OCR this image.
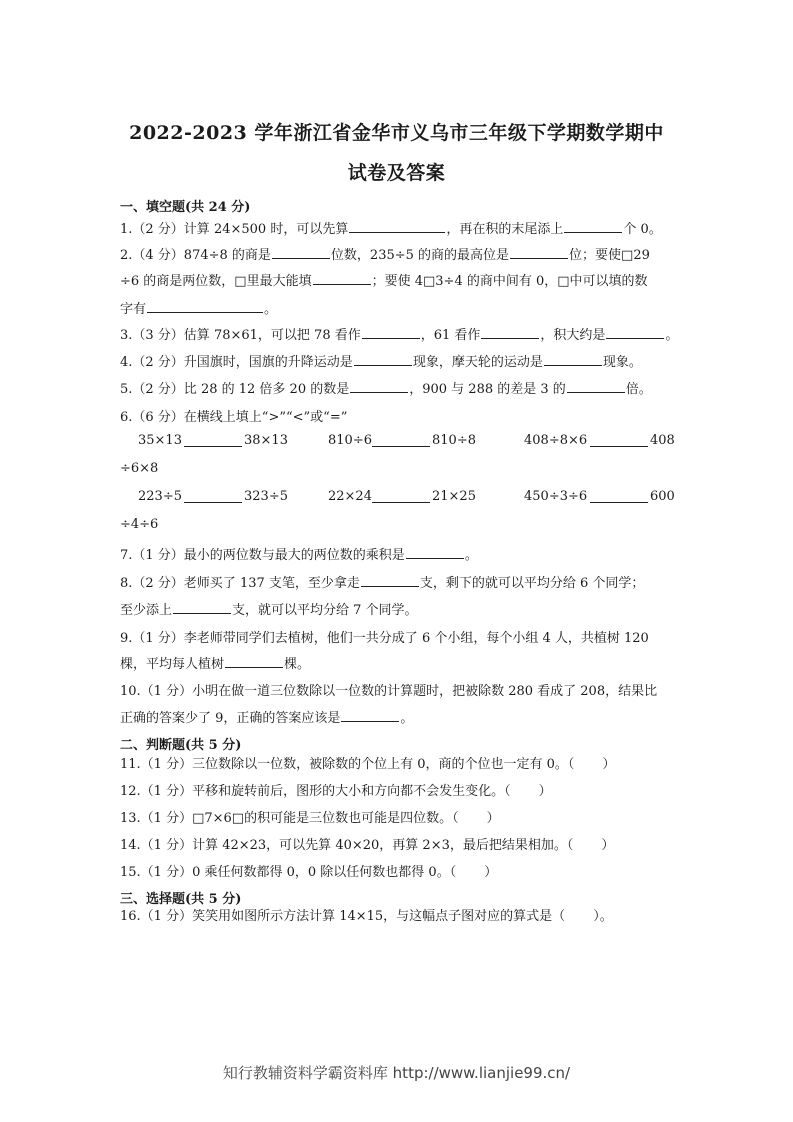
2022-2023 学年浙江省金华市义乌市三年级下学期数学期中
试卷及答案
一、填空题(共 24 分)
1.（2 分）计算 24×500 时，可以先算	，再在积的末尾添上	个 0。
2.（4 分）874÷8 的商是	位数，235÷5 的商的最高位是	位；要使□29
÷6 的商是两位数，□里最大能填	；要使 4□3÷4 的商中间有 0，□中可以填的数
字有	。
3.（3 分）估算 78×61，可以把 78 看作	，61 看作	，积大约是	。
4.（2 分）升国旗时，国旗的升降运动是	现象，摩天轮的运动是	现象。
5.（2 分）比 28 的 12 倍多 20 的数是	，900 与 288 的差是 3 的	倍。
6.（6 分）在横线上填上“>”“<”或“=”
35×13	38×13	810÷6	810÷8	408÷8×6	408
÷6×8
223÷5	323÷5	22×24	21×25	450÷3÷6	600
÷4÷6
7.（1 分）最小的两位数与最大的两位数的乘积是	。
8.（2 分）老师买了 137 支笔，至少拿走	支，剩下的就可以平均分给 6 个同学；
至少添上	支，就可以平均分给 7 个同学。
9.（1 分）李老师带同学们去植树，他们一共分成了 6 个小组，每个小组 4 人，共植树 120
棵，平均每人植树	棵。
10.（1 分）小明在做一道三位数除以一位数的计算题时，把被除数 280 看成了 208，结果比
正确的答案少了 9，正确的答案应该是	。
二、判断题(共 5 分)
11.（1 分）三位数除以一位数，被除数的个位上有 0，商的个位也一定有 0。（ ）
12.（1 分）平移和旋转前后，图形的大小和方向都不会发生变化。（ ）
13.（1 分）□7×6□的积可能是三位数也可能是四位数。（ ）
14.（1 分）计算 42×23，可以先算 40×20，再算 2×3，最后把结果相加。（ ）
15.（1 分）0 乘任何数都得 0，0 除以任何数也都得 0。（ ）
三、选择题(共 5 分)
16.（1 分）笑笑用如图所示方法计算 14×15，与这幅点子图对应的算式是（ ）。
知行教辅资料学霸资料库 http://www.lianjie99.cn/
